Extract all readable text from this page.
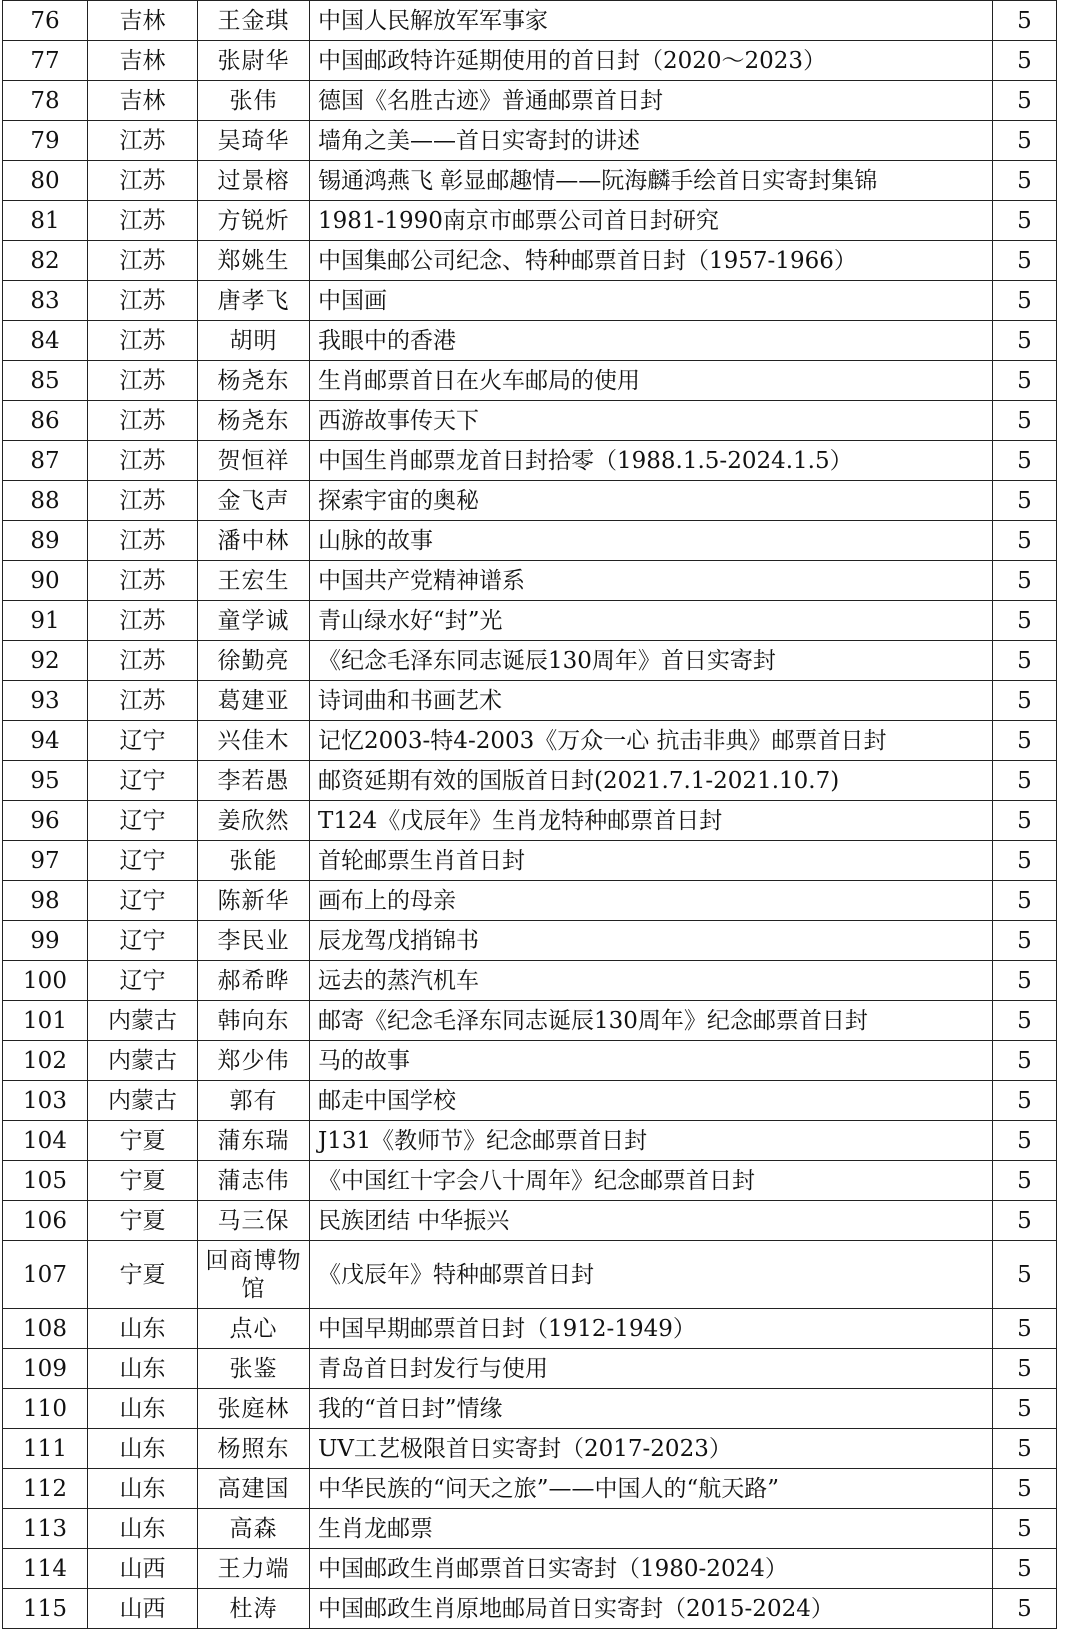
76	吉林	王金琪	中国人民解放军军事家	5
77	吉林	张尉华	中国邮政特许延期使用的首日封（2020～2023）	5
78	吉林	张伟	德国《名胜古迹》普通邮票首日封	5
79	江苏	吴琦华	墙角之美——首日实寄封的讲述	5
80	江苏	过景榕	锡通鸿燕飞 彰显邮趣情——阮海麟手绘首日实寄封集锦	5
81	江苏	方锐炘	1981-1990南京市邮票公司首日封研究	5
82	江苏	郑姚生	中国集邮公司纪念、特种邮票首日封（1957-1966）	5
83	江苏	唐孝飞	中国画	5
84	江苏	胡明	我眼中的香港	5
85	江苏	杨尧东	生肖邮票首日在火车邮局的使用	5
86	江苏	杨尧东	西游故事传天下	5
87	江苏	贺恒祥	中国生肖邮票龙首日封拾零（1988.1.5-2024.1.5）	5
88	江苏	金飞声	探索宇宙的奥秘	5
89	江苏	潘中林	山脉的故事	5
90	江苏	王宏生	中国共产党精神谱系	5
91	江苏	童学诚	青山绿水好“封”光	5
92	江苏	徐勤亮	《纪念毛泽东同志诞辰130周年》首日实寄封	5
93	江苏	葛建亚	诗词曲和书画艺术	5
94	辽宁	兴佳木	记忆2003-特4-2003《万众一心 抗击非典》邮票首日封	5
95	辽宁	李若愚	邮资延期有效的国版首日封(2021.7.1-2021.10.7)	5
96	辽宁	姜欣然	T124《戊辰年》生肖龙特种邮票首日封	5
97	辽宁	张能	首轮邮票生肖首日封	5
98	辽宁	陈新华	画布上的母亲	5
99	辽宁	李民业	辰龙驾戊捎锦书	5
100	辽宁	郝希晔	远去的蒸汽机车	5
101	内蒙古	韩向东	邮寄《纪念毛泽东同志诞辰130周年》纪念邮票首日封	5
102	内蒙古	郑少伟	马的故事	5
103	内蒙古	郭有	邮走中国学校	5
104	宁夏	蒲东瑞	J131《教师节》纪念邮票首日封	5
105	宁夏	蒲志伟	《中国红十字会八十周年》纪念邮票首日封	5
106	宁夏	马三保	民族团结 中华振兴	5
107	宁夏	回商博物馆	《戊辰年》特种邮票首日封	5
108	山东	点心	中国早期邮票首日封（1912-1949）	5
109	山东	张鉴	青岛首日封发行与使用	5
110	山东	张庭林	我的“首日封”情缘	5
111	山东	杨照东	UV工艺极限首日实寄封（2017-2023）	5
112	山东	高建国	中华民族的“问天之旅”——中国人的“航天路”	5
113	山东	高森	生肖龙邮票	5
114	山西	王力端	中国邮政生肖邮票首日实寄封（1980-2024）	5
115	山西	杜涛	中国邮政生肖原地邮局首日实寄封（2015-2024）	5
